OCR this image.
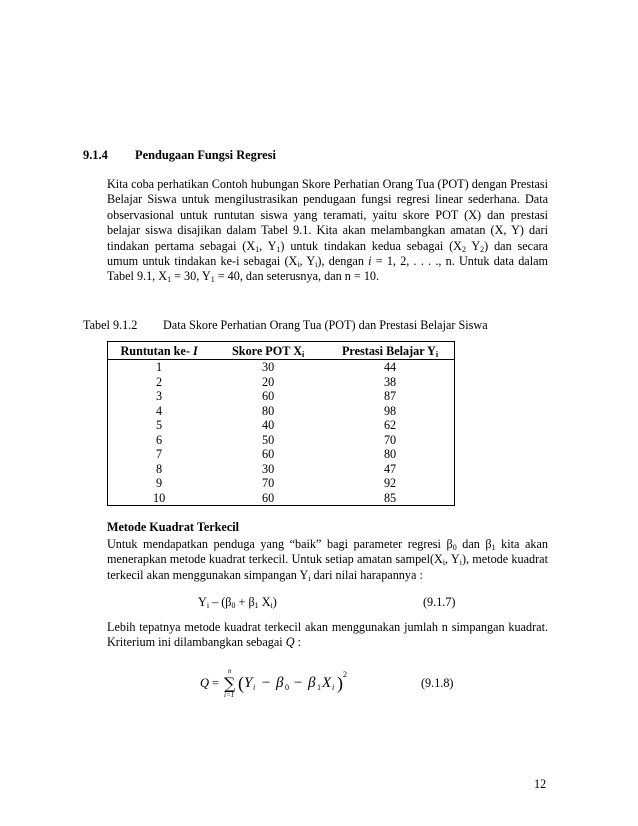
9.1.4 Pendugaan Fungsi Regresi
Kita coba perhatikan Contoh hubungan Skore Perhatian Orang Tua (POT) dengan Prestasi Belajar Siswa untuk mengilustrasikan pendugaan fungsi regresi linear sederhana. Data observasional untuk runtutan siswa yang teramati, yaitu skore POT (X) dan prestasi belajar siswa disajikan dalam Tabel 9.1. Kita akan melambangkan amatan (X, Y) dari tindakan pertama sebagai ($X_1$, $Y_1$) untuk tindakan kedua sebagai ($X_2$ $Y_2$) dan secara umum untuk tindakan ke-i sebagai ($X_i$, $Y_i$), dengan i = 1, 2, . . . ., n. Untuk data dalam Tabel 9.1, $X_1 = 30$, $Y_1 = 40$, dan seterusnya, dan n = 10.
Tabel 9.1.2 Data Skore Perhatian Orang Tua (POT) dan Prestasi Belajar Siswa
Runtutan ke- I	Skore POT $X_i$	Prestasi Belajar $Y_i$
1	30	44
2	20	38
3	60	87
4	80	98
5	40	62
6	50	70
7	60	80
8	30	47
9	70	92
10	60	85
Metode Kuadrat Terkecil
Untuk mendapatkan penduga yang “baik” bagi parameter regresi $\beta_0$ dan $\beta_1$ kita akan menerapkan metode kuadrat terkecil. Untuk setiap amatan $sampel(X_i$, $Y_i$), metode kuadrat terkecil akan menggunakan simpangan $Y_i$ dari nilai harapannya :
$Y_i - (\beta_0 + \beta_1$ $X_i$)	(9.1.7)
Lebih tepatnya metode kuadrat terkecil akan menggunakan jumlah n simpangan kuadrat. Kriterium ini dilambangkan sebagai Q :
Q =
n
∑
i=1
( Y i − β 0 − β 1 X i ) 2
(9.1.8)
12
